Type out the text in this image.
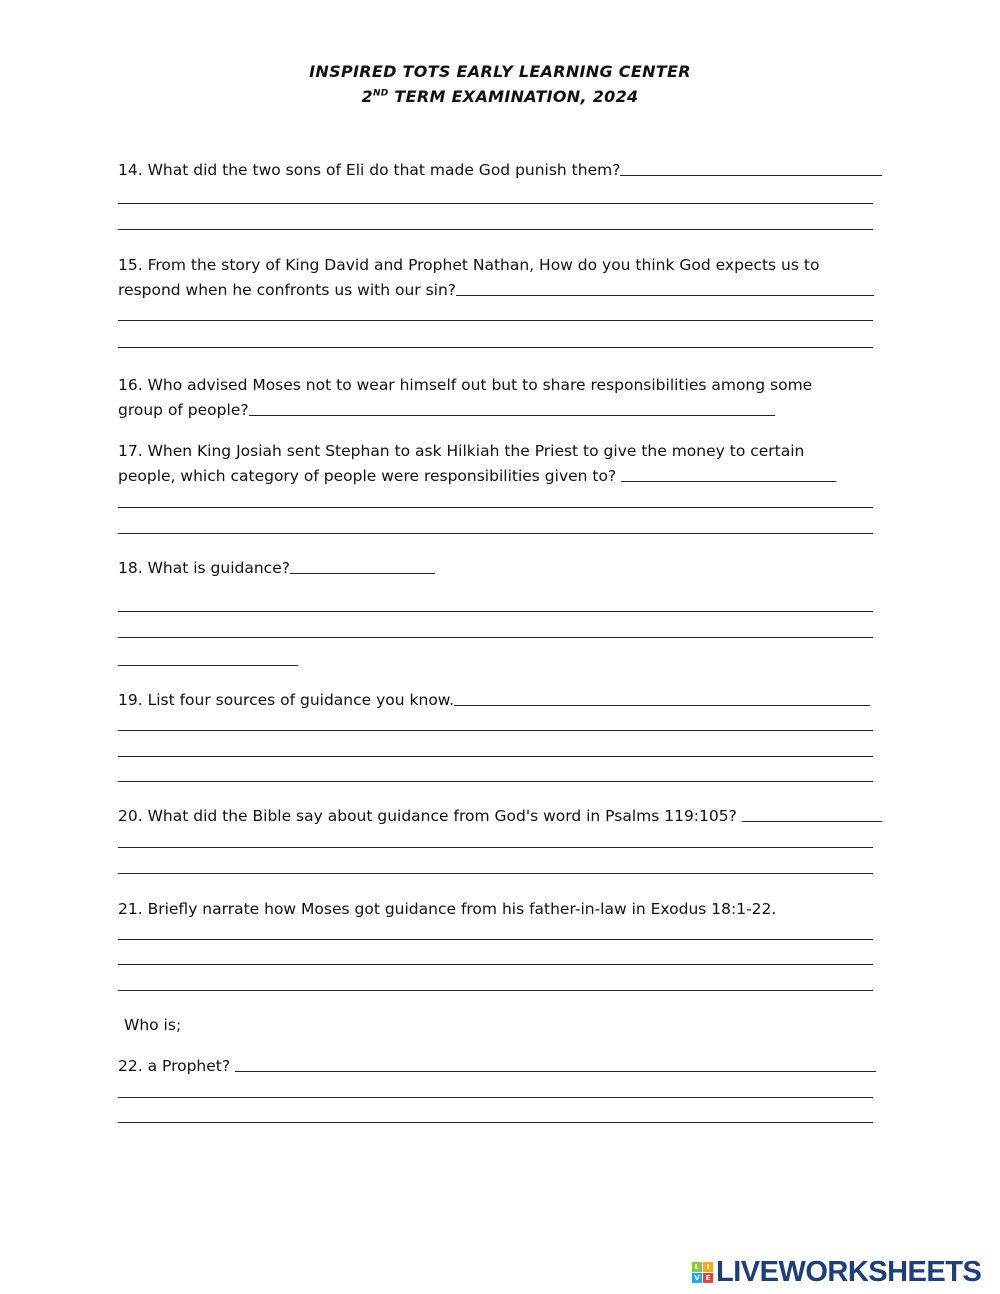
INSPIRED TOTS EARLY LEARNING CENTER
2ND TERM EXAMINATION, 2024
14. What did the two sons of Eli do that made God punish them?
15. From the story of King David and Prophet Nathan, How do you think God expects us to
respond when he confronts us with our sin?
16. Who advised Moses not to wear himself out but to share responsibilities among some
group of people?
17. When King Josiah sent Stephan to ask Hilkiah the Priest to give the money to certain
people, which category of people were responsibilities given to?
18. What is guidance?
19. List four sources of guidance you know.
20. What did the Bible say about guidance from God's word in Psalms 119:105?
21. Briefly narrate how Moses got guidance from his father-in-law in Exodus 18:1-22.
Who is;
22. a Prophet?
L	I
V E LIVEWORKSHEETS
